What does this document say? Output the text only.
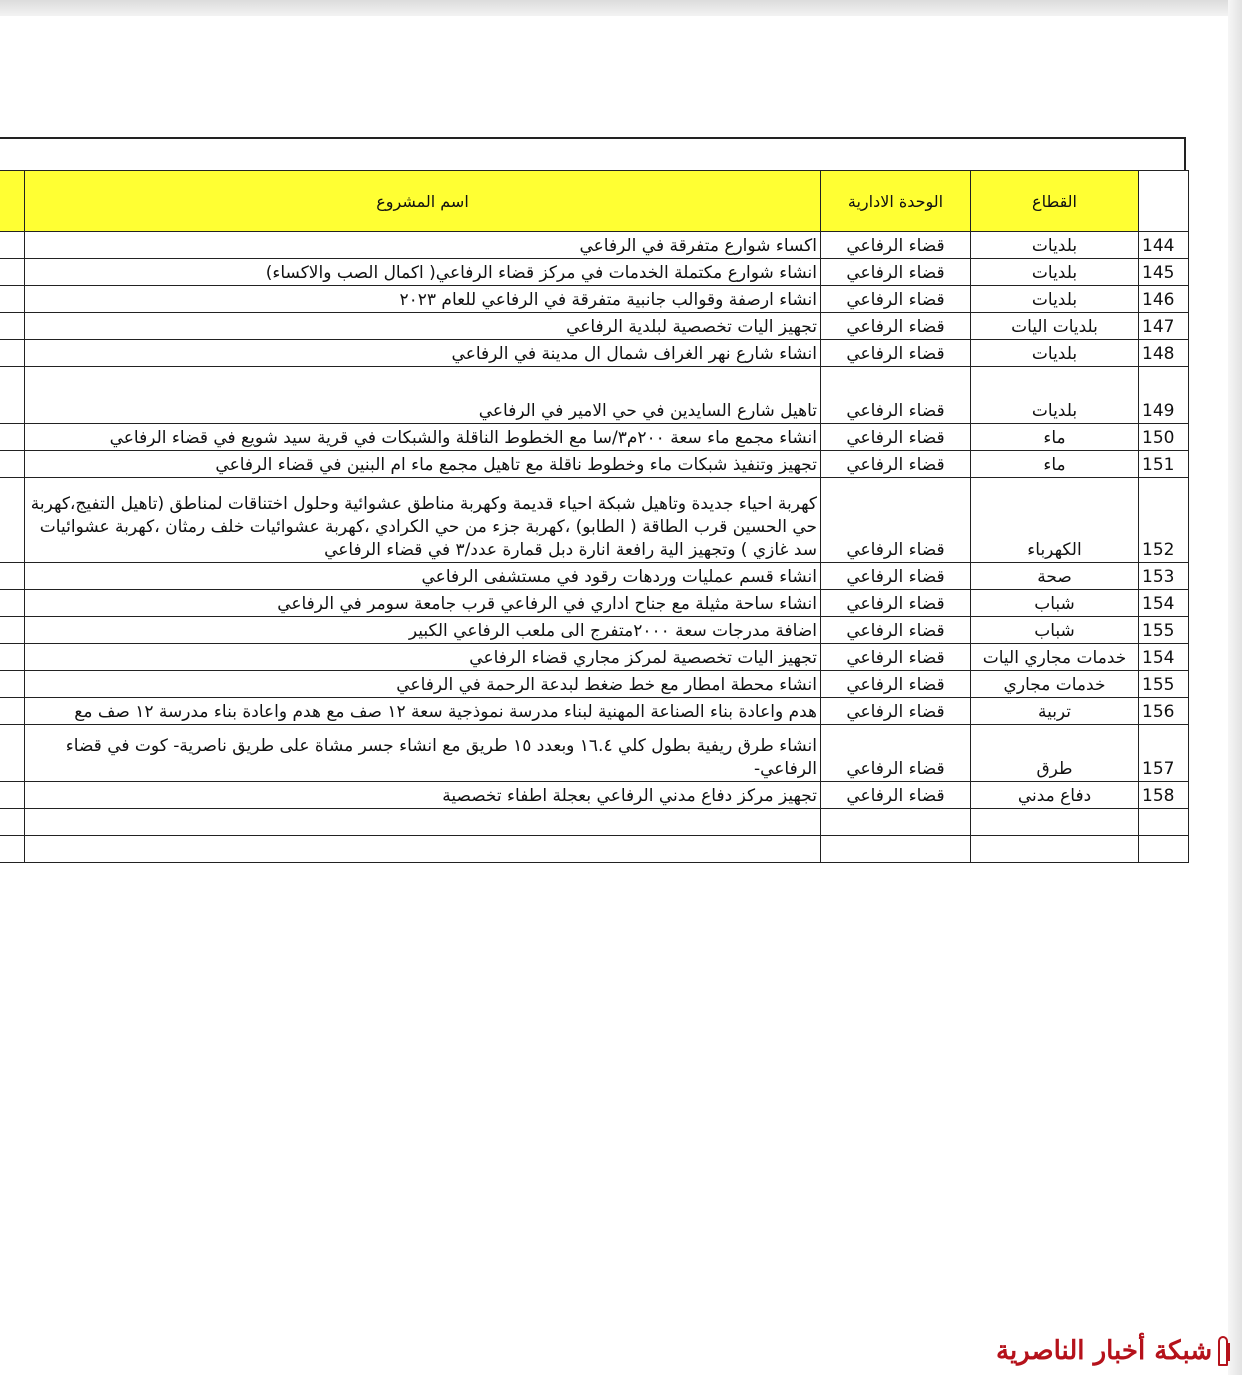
	اسم المشروع	الوحدة الادارية	القطاع	
	اكساء شوارع متفرقة في الرفاعي	قضاء الرفاعي	بلديات	144
	انشاء شوارع مكتملة الخدمات في مركز قضاء الرفاعي( اكمال الصب والاكساء)	قضاء الرفاعي	بلديات	145
	انشاء ارصفة وقوالب جانبية متفرقة في الرفاعي للعام ٢٠٢٣	قضاء الرفاعي	بلديات	146
	تجهيز اليات تخصصية لبلدية الرفاعي	قضاء الرفاعي	بلديات اليات	147
	انشاء شارع نهر الغراف شمال ال مدينة في الرفاعي	قضاء الرفاعي	بلديات	148
	تاهيل شارع السايدين في حي الامير في الرفاعي	قضاء الرفاعي	بلديات	149
	انشاء مجمع ماء سعة ٢٠٠م٣/سا مع الخطوط الناقلة والشبكات في قرية سيد شويع في قضاء الرفاعي	قضاء الرفاعي	ماء	150
	تجهيز وتنفيذ شبكات ماء وخطوط ناقلة مع تاهيل مجمع ماء ام البنين في قضاء الرفاعي	قضاء الرفاعي	ماء	151
	كهربة احياء جديدة وتاهيل شبكة احياء قديمة وكهربة مناطق عشوائية وحلول اختناقات لمناطق (تاهيل التفيج،كهربة حي الحسين قرب الطاقة ( الطابو) ،كهربة جزء من حي الكرادي ،كهربة عشوائيات خلف رمثان ،كهربة عشوائيات سد غازي ) وتجهيز الية رافعة انارة دبل قمارة عدد/٣ في قضاء الرفاعي	قضاء الرفاعي	الكهرباء	152
	انشاء قسم عمليات وردهات رقود في مستشفى الرفاعي	قضاء الرفاعي	صحة	153
	انشاء ساحة مثيلة مع جناح اداري في الرفاعي قرب جامعة سومر في الرفاعي	قضاء الرفاعي	شباب	154
	اضافة مدرجات سعة ٢٠٠٠متفرج الى ملعب الرفاعي الكبير	قضاء الرفاعي	شباب	155
	تجهيز اليات تخصصية لمركز مجاري قضاء الرفاعي	قضاء الرفاعي	خدمات مجاري اليات	154
	انشاء محطة امطار مع خط ضغط لبدعة الرحمة في الرفاعي	قضاء الرفاعي	خدمات مجاري	155
	هدم واعادة بناء الصناعة المهنية لبناء مدرسة نموذجية سعة ١٢ صف مع هدم واعادة بناء مدرسة ١٢ صف مع	قضاء الرفاعي	تربية	156
	انشاء طرق ريفية بطول كلي ١٦.٤ وبعدد ١٥ طريق مع انشاء جسر مشاة على طريق ناصرية- كوت في قضاء الرفاعي-	قضاء الرفاعي	طرق	157
	تجهيز مركز دفاع مدني الرفاعي بعجلة اطفاء تخصصية	قضاء الرفاعي	دفاع مدني	158

شبكة أخبار الناصرية
